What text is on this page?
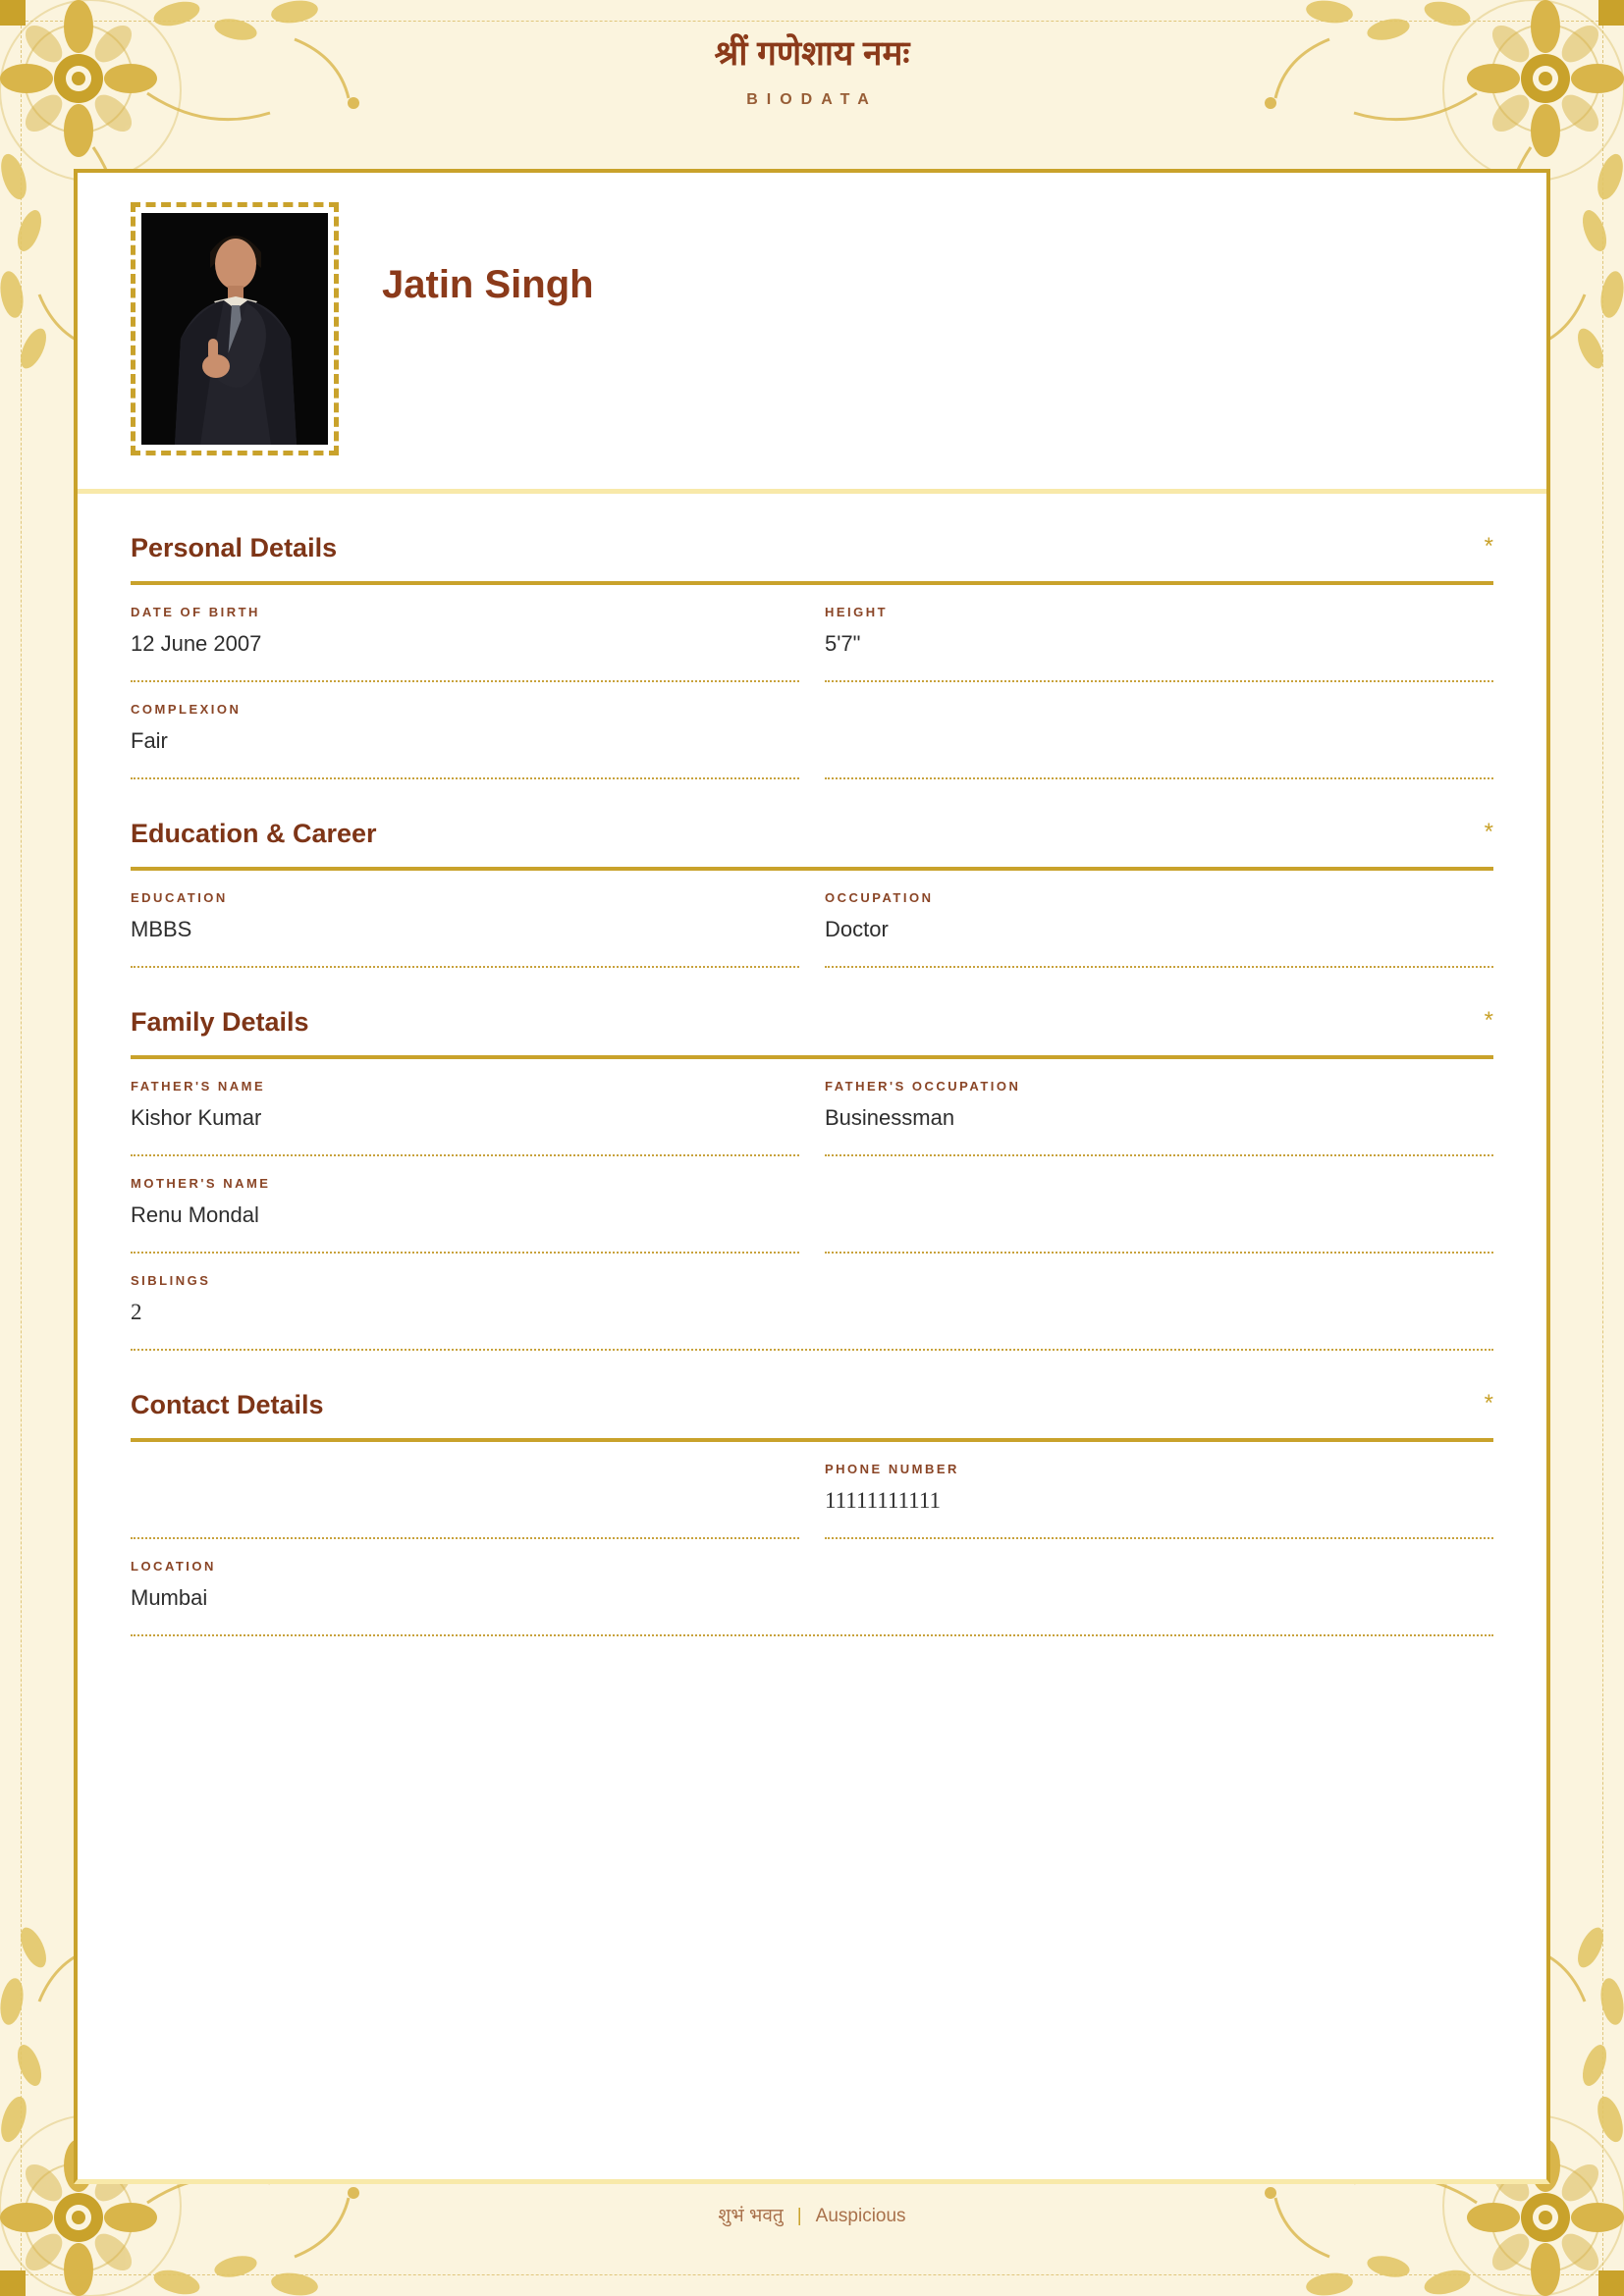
श्रीं गणेशाय नमः
BIODATA
Jatin Singh
Personal Details	*
DATE OF BIRTH
12 June 2007
HEIGHT
5'7"
COMPLEXION
Fair
Education & Career	*
EDUCATION
MBBS
OCCUPATION
Doctor
Family Details	*
FATHER'S NAME
Kishor Kumar
FATHER'S OCCUPATION
Businessman
MOTHER'S NAME
Renu Mondal
SIBLINGS
2
Contact Details	*
PHONE NUMBER
11111111111
LOCATION
Mumbai
शुभं भवतु | Auspicious
